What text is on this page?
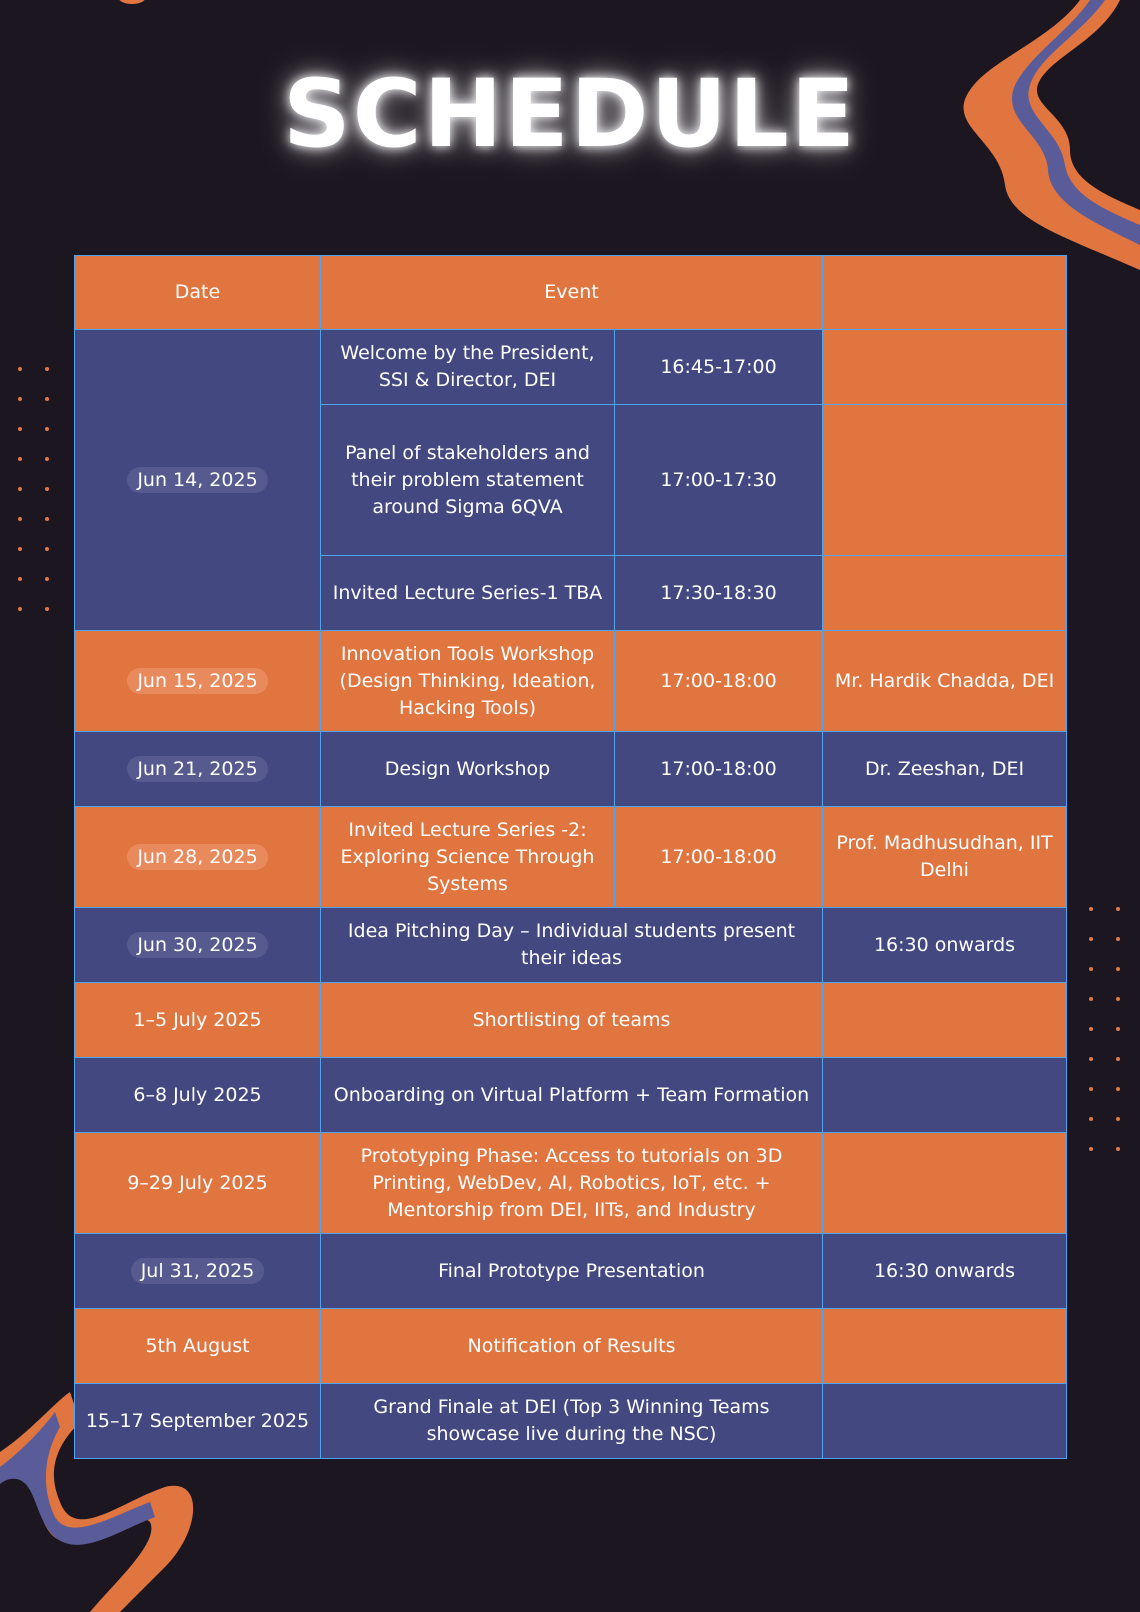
SCHEDULE
Date	Event		
Jun 14, 2025	Welcome by the President, SSI & Director, DEI	16:45-17:00	
	Panel of stakeholders and their problem statement around Sigma 6QVA	17:00-17:30	
	Invited Lecture Series-1 TBA	17:30-18:30	
Jun 15, 2025	Innovation Tools Workshop (Design Thinking, Ideation, Hacking Tools)	17:00-18:00	Mr. Hardik Chadda, DEI
Jun 21, 2025	Design Workshop	17:00-18:00	Dr. Zeeshan, DEI
Jun 28, 2025	Invited Lecture Series -2: Exploring Science Through Systems	17:00-18:00	Prof. Madhusudhan, IIT Delhi
Jun 30, 2025	Idea Pitching Day – Individual students present their ideas		16:30 onwards
1–5 July 2025	Shortlisting of teams		
6–8 July 2025	Onboarding on Virtual Platform + Team Formation		
9–29 July 2025	Prototyping Phase: Access to tutorials on 3D Printing, WebDev, AI, Robotics, IoT, etc. + Mentorship from DEI, IITs, and Industry		
Jul 31, 2025	Final Prototype Presentation		16:30 onwards
5th August	Notification of Results		
15–17 September 2025	Grand Finale at DEI (Top 3 Winning Teams showcase live during the NSC)		
